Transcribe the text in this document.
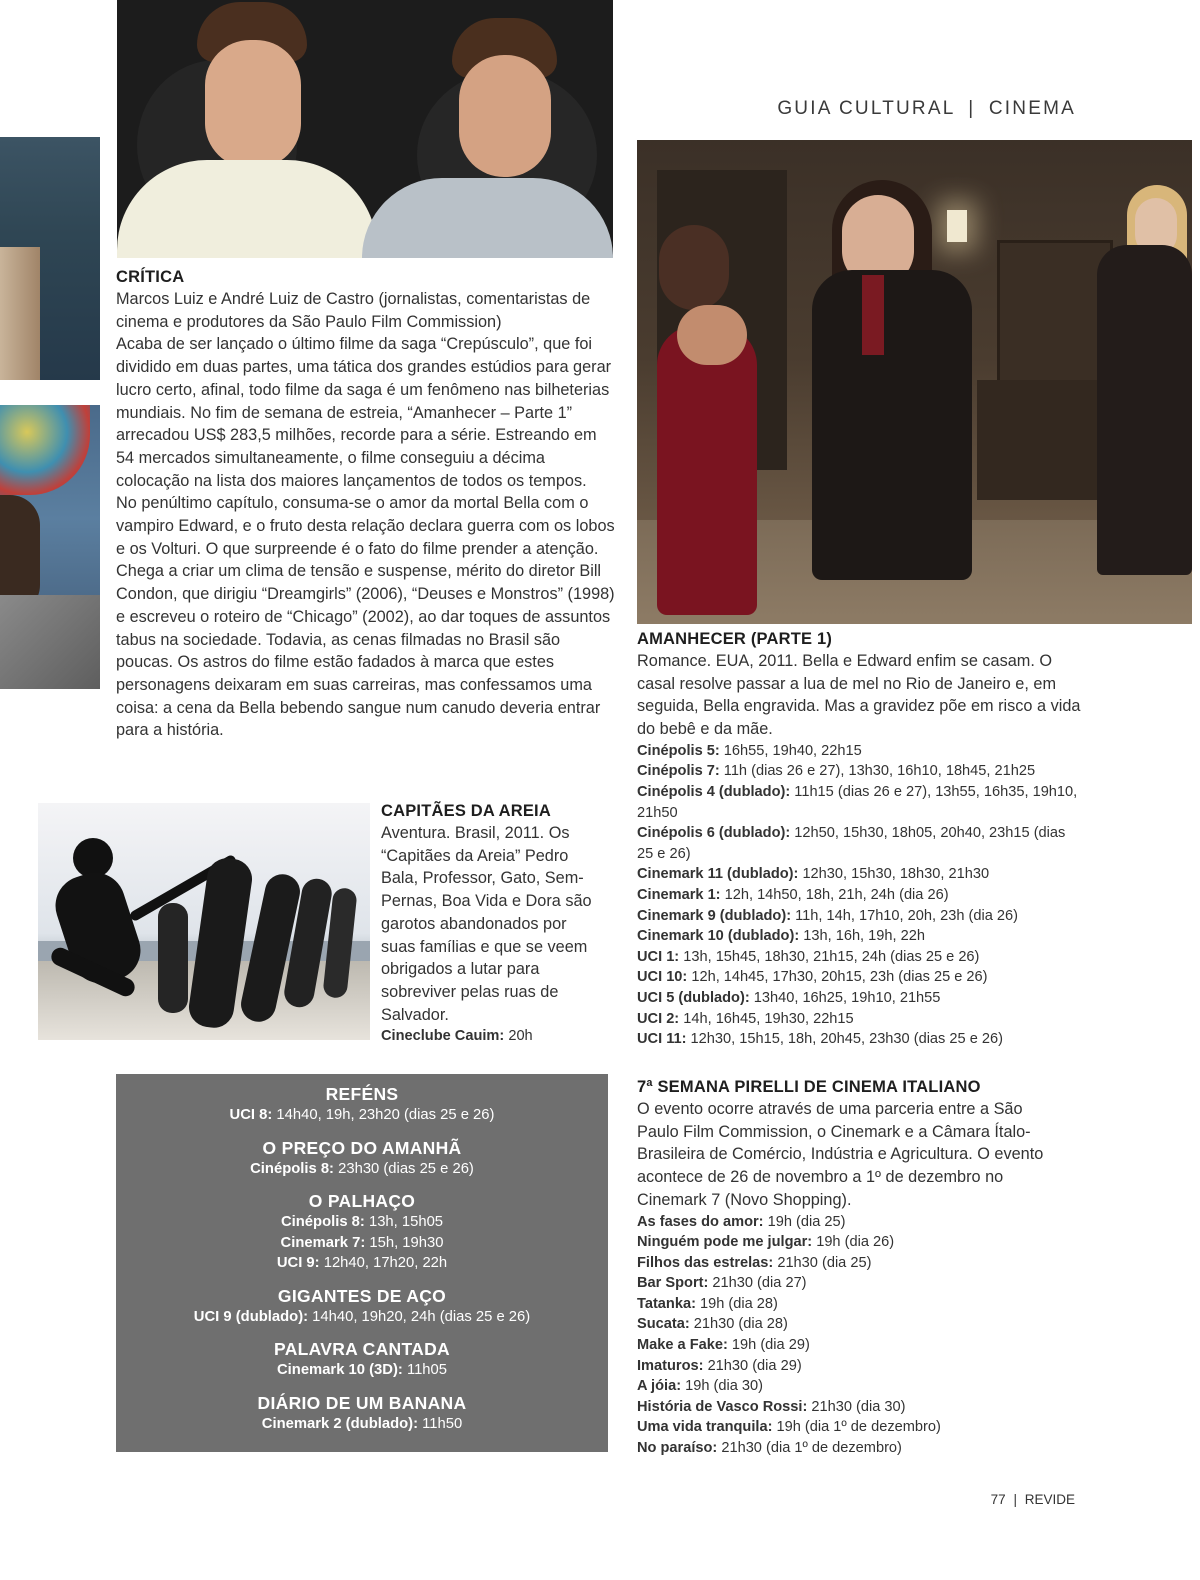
GUIA CULTURAL | CINEMA
CRÍTICA
Marcos Luiz e André Luiz de Castro (jornalistas, comentaristas de cinema e produtores da São Paulo Film Commission)
Acaba de ser lançado o último filme da saga “Crepúsculo”, que foi dividido em duas partes, uma tática dos grandes estúdios para gerar lucro certo, afinal, todo filme da saga é um fenômeno nas bilheterias mundiais. No fim de semana de estreia, “Amanhecer – Parte 1” arrecadou US$ 283,5 milhões, recorde para a série. Estreando em 54 mercados simultaneamente, o filme conseguiu a décima colocação na lista dos maiores lançamentos de todos os tempos.
No penúltimo capítulo, consuma-se o amor da mortal Bella com o vampiro Edward, e o fruto desta relação declara guerra com os lobos e os Volturi. O que surpreende é o fato do filme prender a atenção. Chega a criar um clima de tensão e suspense, mérito do diretor Bill Condon, que dirigiu “Dreamgirls” (2006), “Deuses e Monstros” (1998) e escreveu o roteiro de “Chicago” (2002), ao dar toques de assuntos tabus na sociedade. Todavia, as cenas filmadas no Brasil são poucas. Os astros do filme estão fadados à marca que estes personagens deixaram em suas carreiras, mas confessamos uma coisa: a cena da Bella bebendo sangue num canudo deveria entrar para a história.
CAPITÃES DA AREIA
Aventura. Brasil, 2011. Os “Capitães da Areia” Pedro Bala, Professor, Gato, Sem-Pernas, Boa Vida e Dora são garotos abandonados por suas famílias e que se veem obrigados a lutar para sobreviver pelas ruas de Salvador.
Cineclube Cauim: 20h
AMANHECER (PARTE 1)
Romance. EUA, 2011. Bella e Edward enfim se casam. O casal resolve passar a lua de mel no Rio de Janeiro e, em seguida, Bella engravida. Mas a gravidez põe em risco a vida do bebê e da mãe.
Cinépolis 5: 16h55, 19h40, 22h15
Cinépolis 7: 11h (dias 26 e 27), 13h30, 16h10, 18h45, 21h25
Cinépolis 4 (dublado): 11h15 (dias 26 e 27), 13h55, 16h35, 19h10, 21h50
Cinépolis 6 (dublado): 12h50, 15h30, 18h05, 20h40, 23h15 (dias 25 e 26)
Cinemark 11 (dublado): 12h30, 15h30, 18h30, 21h30
Cinemark 1: 12h, 14h50, 18h, 21h, 24h (dia 26)
Cinemark 9 (dublado): 11h, 14h, 17h10, 20h, 23h (dia 26)
Cinemark 10 (dublado): 13h, 16h, 19h, 22h
UCI 1: 13h, 15h45, 18h30, 21h15, 24h (dias 25 e 26)
UCI 10: 12h, 14h45, 17h30, 20h15, 23h (dias 25 e 26)
UCI 5 (dublado): 13h40, 16h25, 19h10, 21h55
UCI 2: 14h, 16h45, 19h30, 22h15
UCI 11: 12h30, 15h15, 18h, 20h45, 23h30 (dias 25 e 26)
REFÉNS
UCI 8: 14h40, 19h, 23h20 (dias 25 e 26)
O PREÇO DO AMANHÃ
Cinépolis 8: 23h30 (dias 25 e 26)
O PALHAÇO
Cinépolis 8: 13h, 15h05
Cinemark 7: 15h, 19h30
UCI 9: 12h40, 17h20, 22h
GIGANTES DE AÇO
UCI 9 (dublado): 14h40, 19h20, 24h (dias 25 e 26)
PALAVRA CANTADA
Cinemark 10 (3D): 11h05
DIÁRIO DE UM BANANA
Cinemark 2 (dublado): 11h50
7ª SEMANA PIRELLI DE CINEMA ITALIANO
O evento ocorre através de uma parceria entre a São Paulo Film Commission, o Cinemark e a Câmara Ítalo-Brasileira de Comércio, Indústria e Agricultura. O evento acontece de 26 de novembro a 1º de dezembro no Cinemark 7 (Novo Shopping).
As fases do amor: 19h (dia 25)
Ninguém pode me julgar: 19h (dia 26)
Filhos das estrelas: 21h30 (dia 25)
Bar Sport: 21h30 (dia 27)
Tatanka: 19h (dia 28)
Sucata: 21h30 (dia 28)
Make a Fake: 19h (dia 29)
Imaturos: 21h30 (dia 29)
A jóia: 19h (dia 30)
História de Vasco Rossi: 21h30 (dia 30)
Uma vida tranquila: 19h (dia 1º de dezembro)
No paraíso: 21h30 (dia 1º de dezembro)
77 | REVIDE
